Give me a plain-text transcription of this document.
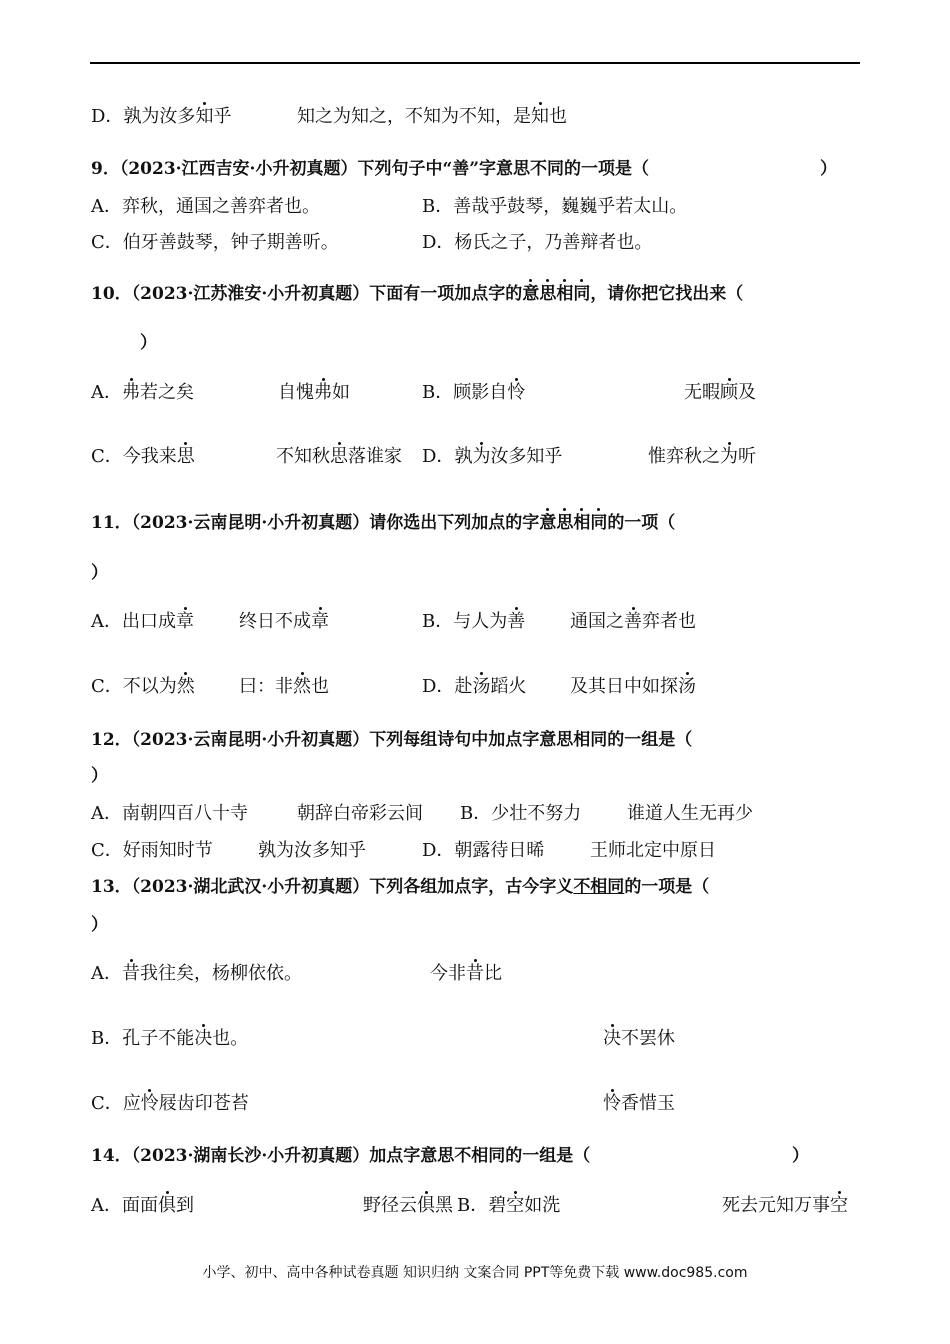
D．孰为汝多知乎	知之为知之，不知为不知，是知也
9．（2023·江西吉安·小升初真题）下列句子中“善”字意思不同的一项是（	）
A．弈秋，通国之善弈者也。	B．善哉乎鼓琴，巍巍乎若太山。
C．伯牙善鼓琴，钟子期善听。	D．杨氏之子，乃善辩者也。
10．（2023·江苏淮安·小升初真题）下面有一项加点字的意思相同，请你把它找出来（
）
A．弗若之矣	自愧弗如	B．顾影自怜	无暇顾及
C．今我来思	不知秋思落谁家 D．孰为汝多知乎	惟弈秋之为听
11．（2023·云南昆明·小升初真题）请你选出下列加点的字意思相同的一项（
）
A．出口成章	终日不成章	B．与人为善 通国之善弈者也
C．不以为然 曰：非然也	D．赴汤蹈火 及其日中如探汤
12．（2023·云南昆明·小升初真题）下列每组诗句中加点字意思相同的一组是（
）
A．南朝四百八十寺	朝辞白帝彩云间 B．少壮不努力	谁道人生无再少
C．好雨知时节	孰为汝多知乎	D．朝露待日晞	王师北定中原日
13．（2023·湖北武汉·小升初真题）下列各组加点字，古今字义不相同的一项是（
）
A．昔我往矣，杨柳依依。	今非昔比
B．孔子不能决也。	决不罢休
C．应怜屐齿印苍苔	怜香惜玉
14．（2023·湖南长沙·小升初真题）加点字意思不相同的一组是（	）
A．面面俱到	野径云俱黑 B．碧空如洗	死去元知万事空
小学、初中、高中各种试卷真题 知识归纳 文案合同 PPT等免费下载 www.doc985.com
